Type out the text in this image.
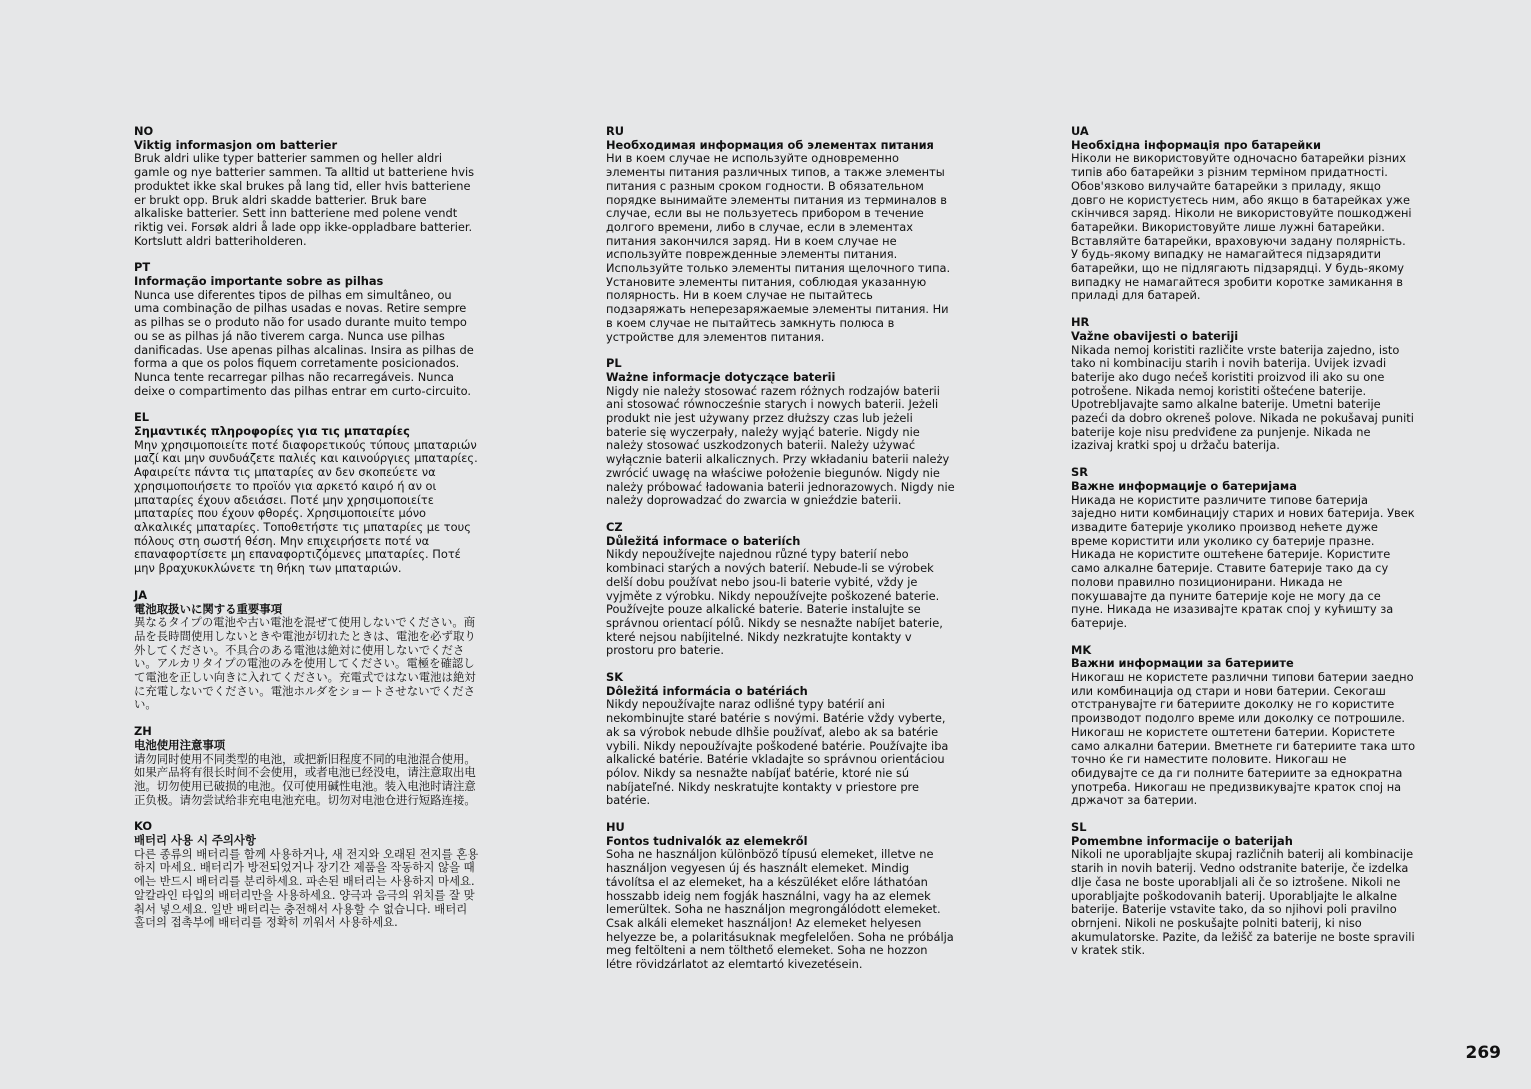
NO
Viktig informasjon om batterier
Bruk aldri ulike typer batterier sammen og heller aldri gamle og nye batterier sammen. Ta alltid ut batteriene hvis produktet ikke skal brukes på lang tid, eller hvis batteriene er brukt opp. Bruk aldri skadde batterier. Bruk bare alkaliske batterier. Sett inn batteriene med polene vendt riktig vei. Forsøk aldri å lade opp ikke-oppladbare batterier. Kortslutt aldri batteriholderen.
PT
Informação importante sobre as pilhas
Nunca use diferentes tipos de pilhas em simultâneo, ou uma combinação de pilhas usadas e novas. Retire sempre as pilhas se o produto não for usado durante muito tempo ou se as pilhas já não tiverem carga. Nunca use pilhas danificadas. Use apenas pilhas alcalinas. Insira as pilhas de forma a que os polos fiquem corretamente posicionados. Nunca tente recarregar pilhas não recarregáveis. Nunca deixe o compartimento das pilhas entrar em curto-circuito.
EL
Σημαντικές πληροφορίες για τις μπαταρίες
Μην χρησιμοποιείτε ποτέ διαφορετικούς τύπους μπαταριών μαζί και μην συνδυάζετε παλιές και καινούργιες μπαταρίες. Αφαιρείτε πάντα τις μπαταρίες αν δεν σκοπεύετε να χρησιμοποιήσετε το προϊόν για αρκετό καιρό ή αν οι μπαταρίες έχουν αδειάσει. Ποτέ μην χρησιμοποιείτε μπαταρίες που έχουν φθορές. Χρησιμοποιείτε μόνο αλκαλικές μπαταρίες. Τοποθετήστε τις μπαταρίες με τους πόλους στη σωστή θέση. Μην επιχειρήσετε ποτέ να επαναφορτίσετε μη επαναφορτιζόμενες μπαταρίες. Ποτέ μην βραχυκυκλώνετε τη θήκη των μπαταριών.
JA
電池取扱いに関する重要事項
異なるタイプの電池や古い電池を混ぜて使用しないでください。商品を長時間使用しないときや電池が切れたときは、電池を必ず取り外してください。不具合のある電池は絶対に使用しないでください。アルカリタイプの電池のみを使用してください。電極を確認して電池を正しい向きに入れてください。充電式ではない電池は絶対に充電しないでください。電池ホルダをショートさせないでください。
ZH
电池使用注意事项
请勿同时使用不同类型的电池，或把新旧程度不同的电池混合使用。如果产品将有很长时间不会使用，或者电池已经没电，请注意取出电池。切勿使用已破损的电池。仅可使用碱性电池。装入电池时请注意正负极。请勿尝试给非充电电池充电。切勿对电池仓进行短路连接。
KO
배터리 사용 시 주의사항
다른 종류의 배터리를 함께 사용하거나, 새 전지와 오래된 전지를 혼용하지 마세요. 배터리가 방전되었거나 장기간 제품을 작동하지 않을 때에는 반드시 배터리를 분리하세요. 파손된 배터리는 사용하지 마세요. 알칼라인 타입의 배터리만을 사용하세요. 양극과 음극의 위치를 잘 맞춰서 넣으세요. 일반 배터리는 충전해서 사용할 수 없습니다. 배터리 홀더의 접촉부에 배터리를 정확히 끼워서 사용하세요.
RU
Необходимая информация об элементах питания
Ни в коем случае не используйте одновременно элементы питания различных типов, а также элементы питания с разным сроком годности. В обязательном порядке вынимайте элементы питания из терминалов в случае, если вы не пользуетесь прибором в течение долгого времени, либо в случае, если в элементах питания закончился заряд. Ни в коем случае не используйте поврежденные элементы питания. Используйте только элементы питания щелочного типа. Установите элементы питания, соблюдая указанную полярность. Ни в коем случае не пытайтесь подзаряжать неперезаряжаемые элементы питания. Ни в коем случае не пытайтесь замкнуть полюса в устройстве для элементов питания.
PL
Ważne informacje dotyczące baterii
Nigdy nie należy stosować razem różnych rodzajów baterii ani stosować równocześnie starych i nowych baterii. Jeżeli produkt nie jest używany przez dłuższy czas lub jeżeli baterie się wyczerpały, należy wyjąć baterie. Nigdy nie należy stosować uszkodzonych baterii. Należy używać wyłącznie baterii alkalicznych. Przy wkładaniu baterii należy zwrócić uwagę na właściwe położenie biegunów. Nigdy nie należy próbować ładowania baterii jednorazowych. Nigdy nie należy doprowadzać do zwarcia w gnieździe baterii.
CZ
Důležitá informace o bateriích
Nikdy nepoužívejte najednou různé typy baterií nebo kombinaci starých a nových baterií. Nebude-li se výrobek delší dobu používat nebo jsou-li baterie vybité, vždy je vyjměte z výrobku. Nikdy nepoužívejte poškozené baterie. Používejte pouze alkalické baterie. Baterie instalujte se správnou orientací pólů. Nikdy se nesnažte nabíjet baterie, které nejsou nabíjitelné. Nikdy nezkratujte kontakty v prostoru pro baterie.
SK
Dôležitá informácia o batériách
Nikdy nepoužívajte naraz odlišné typy batérií ani nekombinujte staré batérie s novými. Batérie vždy vyberte, ak sa výrobok nebude dlhšie používať, alebo ak sa batérie vybili. Nikdy nepoužívajte poškodené batérie. Používajte iba alkalické batérie. Batérie vkladajte so správnou orientáciou pólov. Nikdy sa nesnažte nabíjať batérie, ktoré nie sú nabíjateľné. Nikdy neskratujte kontakty v priestore pre batérie.
HU
Fontos tudnivalók az elemekről
Soha ne használjon különböző típusú elemeket, illetve ne használjon vegyesen új és használt elemeket. Mindig távolítsa el az elemeket, ha a készüléket előre láthatóan hosszabb ideig nem fogják használni, vagy ha az elemek lemerültek. Soha ne használjon megrongálódott elemeket. Csak alkáli elemeket használjon! Az elemeket helyesen helyezze be, a polaritásuknak megfelelően. Soha ne próbálja meg feltölteni a nem tölthető elemeket. Soha ne hozzon létre rövidzárlatot az elemtartó kivezetésein.
UA
Необхідна інформація про батарейки
Ніколи не використовуйте одночасно батарейки різних типів або батарейки з різним терміном придатності. Обов'язково вилучайте батарейки з приладу, якщо довго не користуєтесь ним, або якщо в батарейках уже скінчився заряд. Ніколи не використовуйте пошкоджені батарейки. Використовуйте лише лужні батарейки. Вставляйте батарейки, враховуючи задану полярність. У будь-якому випадку не намагайтеся підзарядити батарейки, що не підлягають підзарядці. У будь-якому випадку не намагайтеся зробити коротке замикання в приладі для батарей.
HR
Važne obavijesti o bateriji
Nikada nemoj koristiti različite vrste baterija zajedno, isto tako ni kombinaciju starih i novih baterija. Uvijek izvadi baterije ako dugo nećeš koristiti proizvod ili ako su one potrošene. Nikada nemoj koristiti oštećene baterije. Upotrebljavajte samo alkalne baterije. Umetni baterije pazeći da dobro okreneš polove. Nikada ne pokušavaj puniti baterije koje nisu predviđene za punjenje. Nikada ne izazivaj kratki spoj u držaču baterija.
SR
Важне информације о батеријама
Никада не користите различите типове батерија заједно нити комбинацију старих и нових батерија. Увек извадите батерије уколико производ нећете дуже време користити или уколико су батерије празне. Никада не користите оштећене батерије. Користите само алкалне батерије. Ставите батерије тако да су полови правилно позиционирани. Никада не покушавајте да пуните батерије које не могу да се пуне. Никада не изазивајте кратак спој у кућишту за батерије.
MK
Важни информации за батериите
Никогаш не користете различни типови батерии заедно или комбинација од стари и нови батерии. Секогаш отстранувајте ги батериите доколку не го користите производот подолго време или доколку се потрошиле. Никогаш не користете оштетени батерии. Користете само алкални батерии. Вметнете ги батериите така што точно ќе ги наместите половите. Никогаш не обидувајте се да ги полните батериите за еднократна употреба. Никогаш не предизвикувајте краток спој на држачот за батерии.
SL
Pomembne informacije o baterijah
Nikoli ne uporabljajte skupaj različnih baterij ali kombinacije starih in novih baterij. Vedno odstranite baterije, če izdelka dlje časa ne boste uporabljali ali če so iztrošene. Nikoli ne uporabljajte poškodovanih baterij. Uporabljajte le alkalne baterije. Baterije vstavite tako, da so njihovi poli pravilno obrnjeni. Nikoli ne poskušajte polniti baterij, ki niso akumulatorske. Pazite, da ležišč za baterije ne boste spravili v kratek stik.
269
